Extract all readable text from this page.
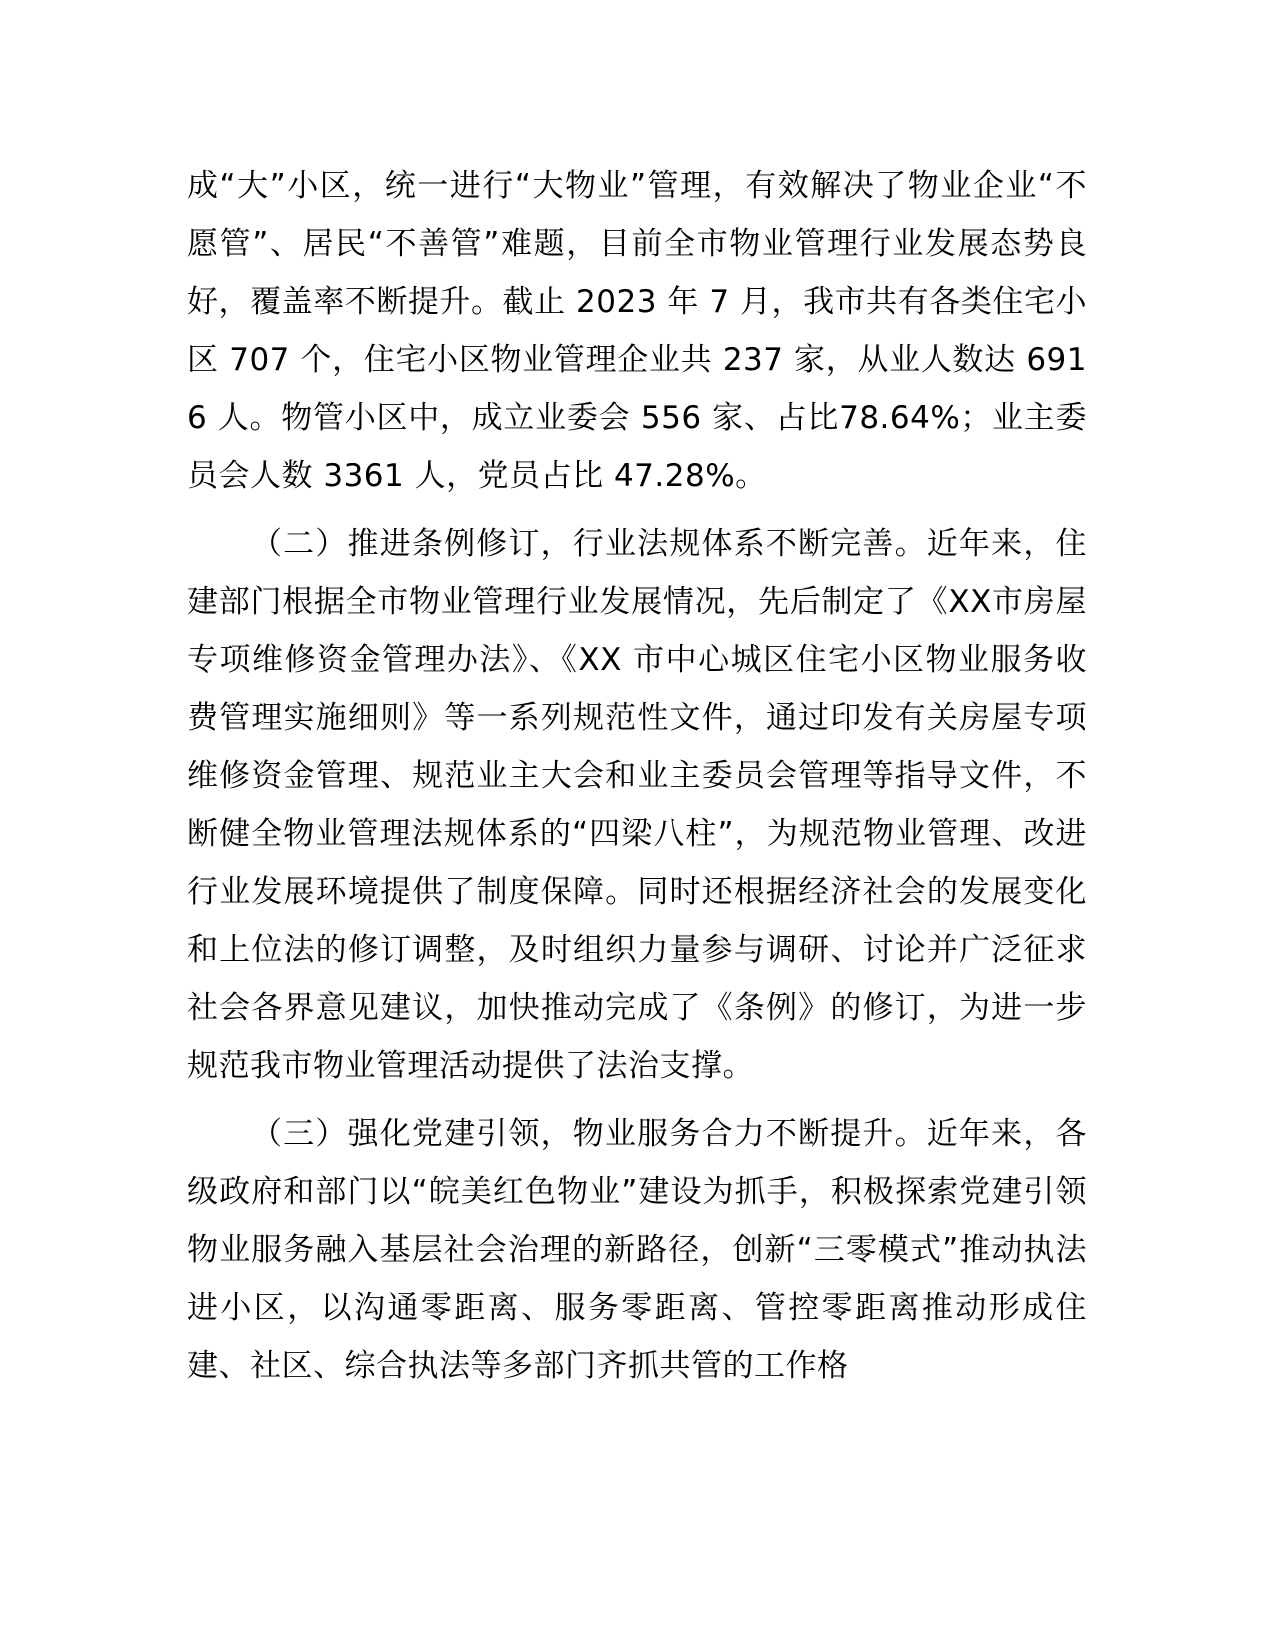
成“大”小区，统一进行“大物业”管理，有效解决了物业企业“不愿管”、居民“不善管”难题，目前全市物业管理行业发展态势良好，覆盖率不断提升。截止 2023 年 7 月，我市共有各类住宅小区 707 个，住宅小区物业管理企业共 237 家，从业人数达 6916 人。物管小区中，成立业委会 556 家、占比78.64%；业主委员会人数 3361 人，党员占比 47.28%。

（二）推进条例修订，行业法规体系不断完善。近年来，住建部门根据全市物业管理行业发展情况，先后制定了《XX市房屋专项维修资金管理办法》、《XX 市中心城区住宅小区物业服务收费管理实施细则》等一系列规范性文件，通过印发有关房屋专项维修资金管理、规范业主大会和业主委员会管理等指导文件，不断健全物业管理法规体系的“四梁八柱”，为规范物业管理、改进行业发展环境提供了制度保障。同时还根据经济社会的发展变化和上位法的修订调整，及时组织力量参与调研、讨论并广泛征求社会各界意见建议，加快推动完成了《条例》的修订，为进一步规范我市物业管理活动提供了法治支撑。

（三）强化党建引领，物业服务合力不断提升。近年来，各级政府和部门以“皖美红色物业”建设为抓手，积极探索党建引领物业服务融入基层社会治理的新路径，创新“三零模式”推动执法进小区，以沟通零距离、服务零距离、管控零距离推动形成住建、社区、综合执法等多部门齐抓共管的工作格
